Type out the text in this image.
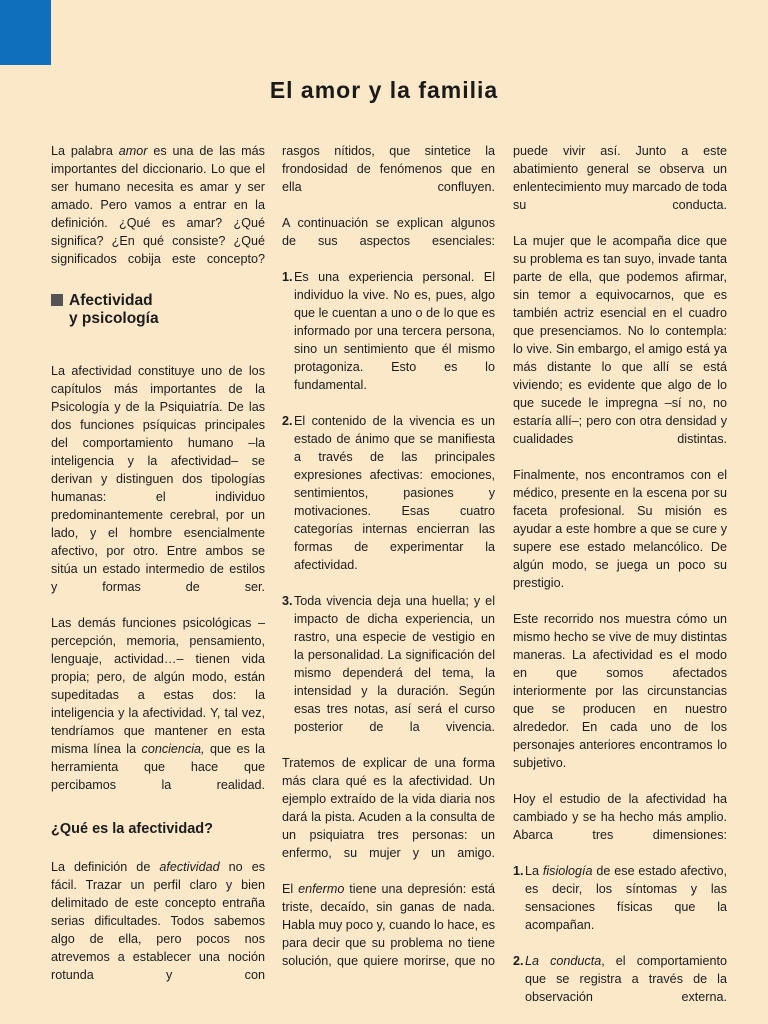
El amor y la familia

La palabra amor es una de las más importantes del diccionario. Lo que el ser humano necesita es amar y ser amado. Pero vamos a entrar en la definición. ¿Qué es amar? ¿Qué significa? ¿En qué consiste? ¿Qué significados cobija este concepto?

Afectividad
y psicología

La afectividad constituye uno de los capítulos más importantes de la Psicología y de la Psiquiatría. De las dos funciones psíquicas principales del comportamiento humano –la inteligencia y la afectividad– se derivan y distinguen dos tipologías humanas: el individuo predominantemente cerebral, por un lado, y el hombre esencialmente afectivo, por otro. Entre ambos se sitúa un estado intermedio de estilos y formas de ser.

Las demás funciones psicológicas –percepción, memoria, pensamiento, lenguaje, actividad…– tienen vida propia; pero, de algún modo, están supeditadas a estas dos: la inteligencia y la afectividad. Y, tal vez, tendríamos que mantener en esta misma línea la conciencia, que es la herramienta que hace que percibamos la realidad.

¿Qué es la afectividad?

La definición de afectividad no es fácil. Trazar un perfil claro y bien delimitado de este concepto entraña serias dificultades. Todos sabemos algo de ella, pero pocos nos atrevemos a establecer una noción rotunda y con

rasgos nítidos, que sintetice la frondosidad de fenómenos que en ella confluyen.

A continuación se explican algunos de sus aspectos esenciales:

1. Es una experiencia personal. El individuo la vive. No es, pues, algo que le cuentan a uno o de lo que es informado por una tercera persona, sino un sentimiento que él mismo protagoniza. Esto es lo fundamental.
2. El contenido de la vivencia es un estado de ánimo que se manifiesta a través de las principales expresiones afectivas: emociones, sentimientos, pasiones y motivaciones. Esas cuatro categorías internas encierran las formas de experimentar la afectividad.
3. Toda vivencia deja una huella; y el impacto de dicha experiencia, un rastro, una especie de vestigio en la personalidad. La significación del mismo dependerá del tema, la intensidad y la duración. Según esas tres notas, así será el curso posterior de la vivencia.

Tratemos de explicar de una forma más clara qué es la afectividad. Un ejemplo extraído de la vida diaria nos dará la pista. Acuden a la consulta de un psiquiatra tres personas: un enfermo, su mujer y un amigo.

El enfermo tiene una depresión: está triste, decaído, sin ganas de nada. Habla muy poco y, cuando lo hace, es para decir que su problema no tiene solución, que quiere morirse, que no

puede vivir así. Junto a este abatimiento general se observa un enlentecimiento muy marcado de toda su conducta.

La mujer que le acompaña dice que su problema es tan suyo, invade tanta parte de ella, que podemos afirmar, sin temor a equivocarnos, que es también actriz esencial en el cuadro que presenciamos. No lo contempla: lo vive. Sin embargo, el amigo está ya más distante lo que allí se está viviendo; es evidente que algo de lo que sucede le impregna –sí no, no estaría allí–; pero con otra densidad y cualidades distintas.

Finalmente, nos encontramos con el médico, presente en la escena por su faceta profesional. Su misión es ayudar a este hombre a que se cure y supere ese estado melancólico. De algún modo, se juega un poco su prestigio.

Este recorrido nos muestra cómo un mismo hecho se vive de muy distintas maneras. La afectividad es el modo en que somos afectados interiormente por las circunstancias que se producen en nuestro alrededor. En cada uno de los personajes anteriores encontramos lo subjetivo.

Hoy el estudio de la afectividad ha cambiado y se ha hecho más amplio. Abarca tres dimensiones:

1. La fisiología de ese estado afectivo, es decir, los síntomas y las sensaciones físicas que la acompañan.
2. La conducta, el comportamiento que se registra a través de la observación externa.
